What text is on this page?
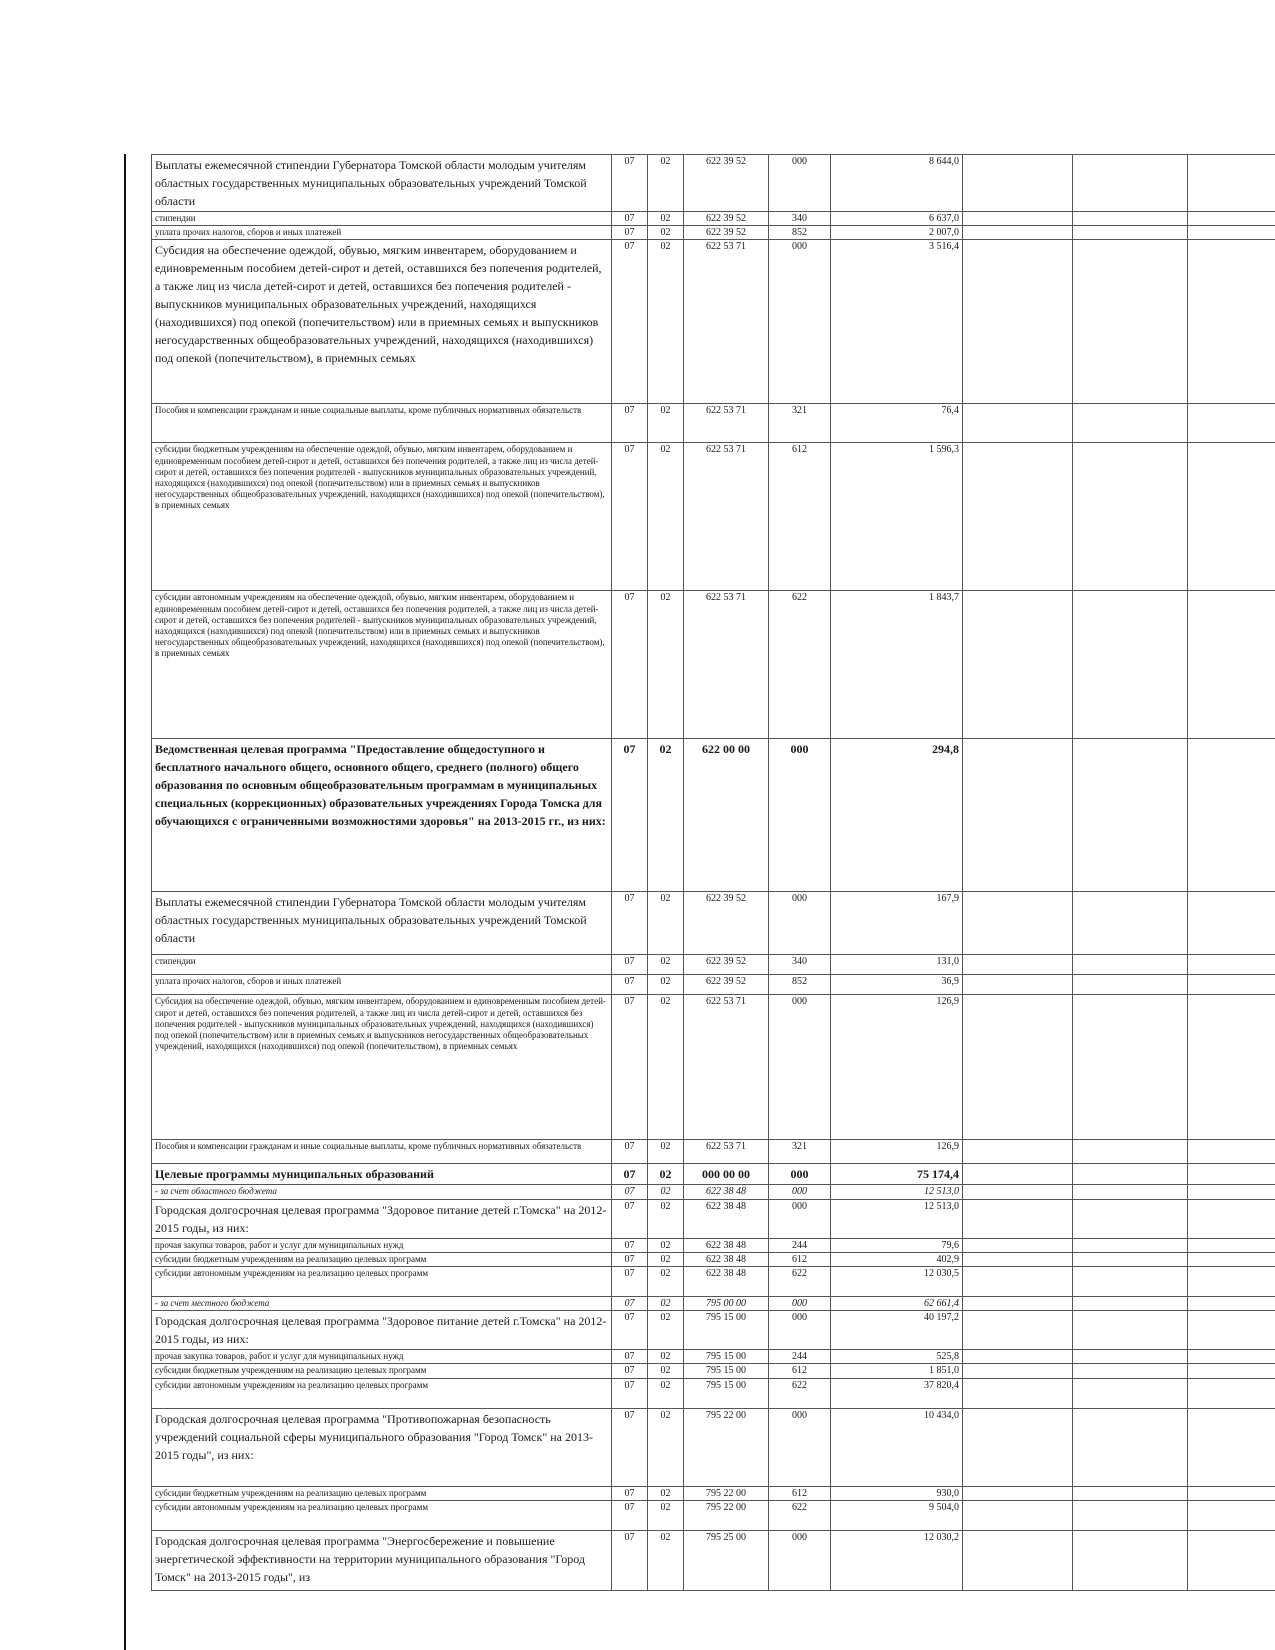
Выплаты ежемесячной стипендии Губернатора Томской области молодым учителям областных государственных муниципальных образовательных учреждений Томской области	07	02	622 39 52	000	8 644,0			
стипендии	07	02	622 39 52	340	6 637,0			
уплата прочих налогов, сборов и иных платежей	07	02	622 39 52	852	2 007,0			
Субсидия на обеспечение одеждой, обувью, мягким инвентарем, оборудованием и единовременным пособием детей-сирот и детей, оставшихся без попечения родителей, а также лиц из числа детей-сирот и детей, оставшихся без попечения родителей - выпускников муниципальных образовательных учреждений, находящихся (находившихся) под опекой (попечительством) или в приемных семьях и выпускников негосударственных общеобразовательных учреждений, находящихся (находившихся) под опекой (попечительством), в приемных семьях	07	02	622 53 71	000	3 516,4			
Пособия и компенсации гражданам и иные социальные выплаты, кроме публичных нормативных обязательств	07	02	622 53 71	321	76,4			
субсидии бюджетным учреждениям на обеспечение одеждой, обувью, мягким инвентарем, оборудованием и единовременным пособием детей-сирот и детей, оставшихся без попечения родителей, а также лиц из числа детей-сирот и детей, оставшихся без попечения родителей - выпускников муниципальных образовательных учреждений, находящихся (находившихся) под опекой (попечительством) или в приемных семьях и выпускников негосударственных общеобразовательных учреждений, находящихся (находившихся) под опекой (попечительством), в приемных семьях	07	02	622 53 71	612	1 596,3			
субсидии автономным учреждениям на обеспечение одеждой, обувью, мягким инвентарем, оборудованием и единовременным пособием детей-сирот и детей, оставшихся без попечения родителей, а также лиц из числа детей-сирот и детей, оставшихся без попечения родителей - выпускников муниципальных образовательных учреждений, находящихся (находившихся) под опекой (попечительством) или в приемных семьях и выпускников негосударственных общеобразовательных учреждений, находящихся (находившихся) под опекой (попечительством), в приемных семьях	07	02	622 53 71	622	1 843,7			
Ведомственная целевая программа "Предоставление общедоступного и бесплатного начального общего, основного общего, среднего (полного) общего образования по основным общеобразовательным программам в муниципальных специальных (коррекционных) образовательных учреждениях Города Томска для обучающихся с ограниченными возможностями здоровья" на 2013-2015 гг., из них:	07	02	622 00 00	000	294,8			
Выплаты ежемесячной стипендии Губернатора Томской области молодым учителям областных государственных муниципальных образовательных учреждений Томской области	07	02	622 39 52	000	167,9			
стипендии	07	02	622 39 52	340	131,0			
уплата прочих налогов, сборов и иных платежей	07	02	622 39 52	852	36,9			
Субсидия на обеспечение одеждой, обувью, мягким инвентарем, оборудованием и единовременным пособием детей-сирот и детей, оставшихся без попечения родителей, а также лиц из числа детей-сирот и детей, оставшихся без попечения родителей - выпускников муниципальных образовательных учреждений, находящихся (находившихся) под опекой (попечительством) или в приемных семьях и выпускников негосударственных общеобразовательных учреждений, находящихся (находившихся) под опекой (попечительством), в приемных семьях	07	02	622 53 71	000	126,9			
Пособия и компенсации гражданам и иные социальные выплаты, кроме публичных нормативных обязательств	07	02	622 53 71	321	126,9			
Целевые программы муниципальных образований	07	02	000 00 00	000	75 174,4			
- за счет областного бюджета	07	02	622 38 48	000	12 513,0			
Городская долгосрочная целевая программа "Здоровое питание детей г.Томска" на 2012-2015 годы, из них:	07	02	622 38 48	000	12 513,0			
прочая закупка товаров, работ и услуг для муниципальных нужд	07	02	622 38 48	244	79,6			
субсидии бюджетным учреждениям на реализацию целевых программ	07	02	622 38 48	612	402,9			
субсидии автономным учреждениям на реализацию целевых программ	07	02	622 38 48	622	12 030,5			
- за счет местного бюджета	07	02	795 00 00	000	62 661,4			
Городская долгосрочная целевая программа "Здоровое питание детей г.Томска" на 2012-2015 годы, из них:	07	02	795 15 00	000	40 197,2			
прочая закупка товаров, работ и услуг для муниципальных нужд	07	02	795 15 00	244	525,8			
субсидии бюджетным учреждениям на реализацию целевых программ	07	02	795 15 00	612	1 851,0			
субсидии автономным учреждениям на реализацию целевых программ	07	02	795 15 00	622	37 820,4			
Городская долгосрочная целевая программа "Противопожарная безопасность учреждений социальной сферы муниципального образования "Город Томск" на 2013-2015 годы", из них:	07	02	795 22 00	000	10 434,0			
субсидии бюджетным учреждениям на реализацию целевых программ	07	02	795 22 00	612	930,0			
субсидии автономным учреждениям на реализацию целевых программ	07	02	795 22 00	622	9 504,0			
Городская долгосрочная целевая программа "Энергосбережение и повышение энергетической эффективности на территории муниципального образования "Город Томск" на 2013-2015 годы", из	07	02	795 25 00	000	12 030,2			
